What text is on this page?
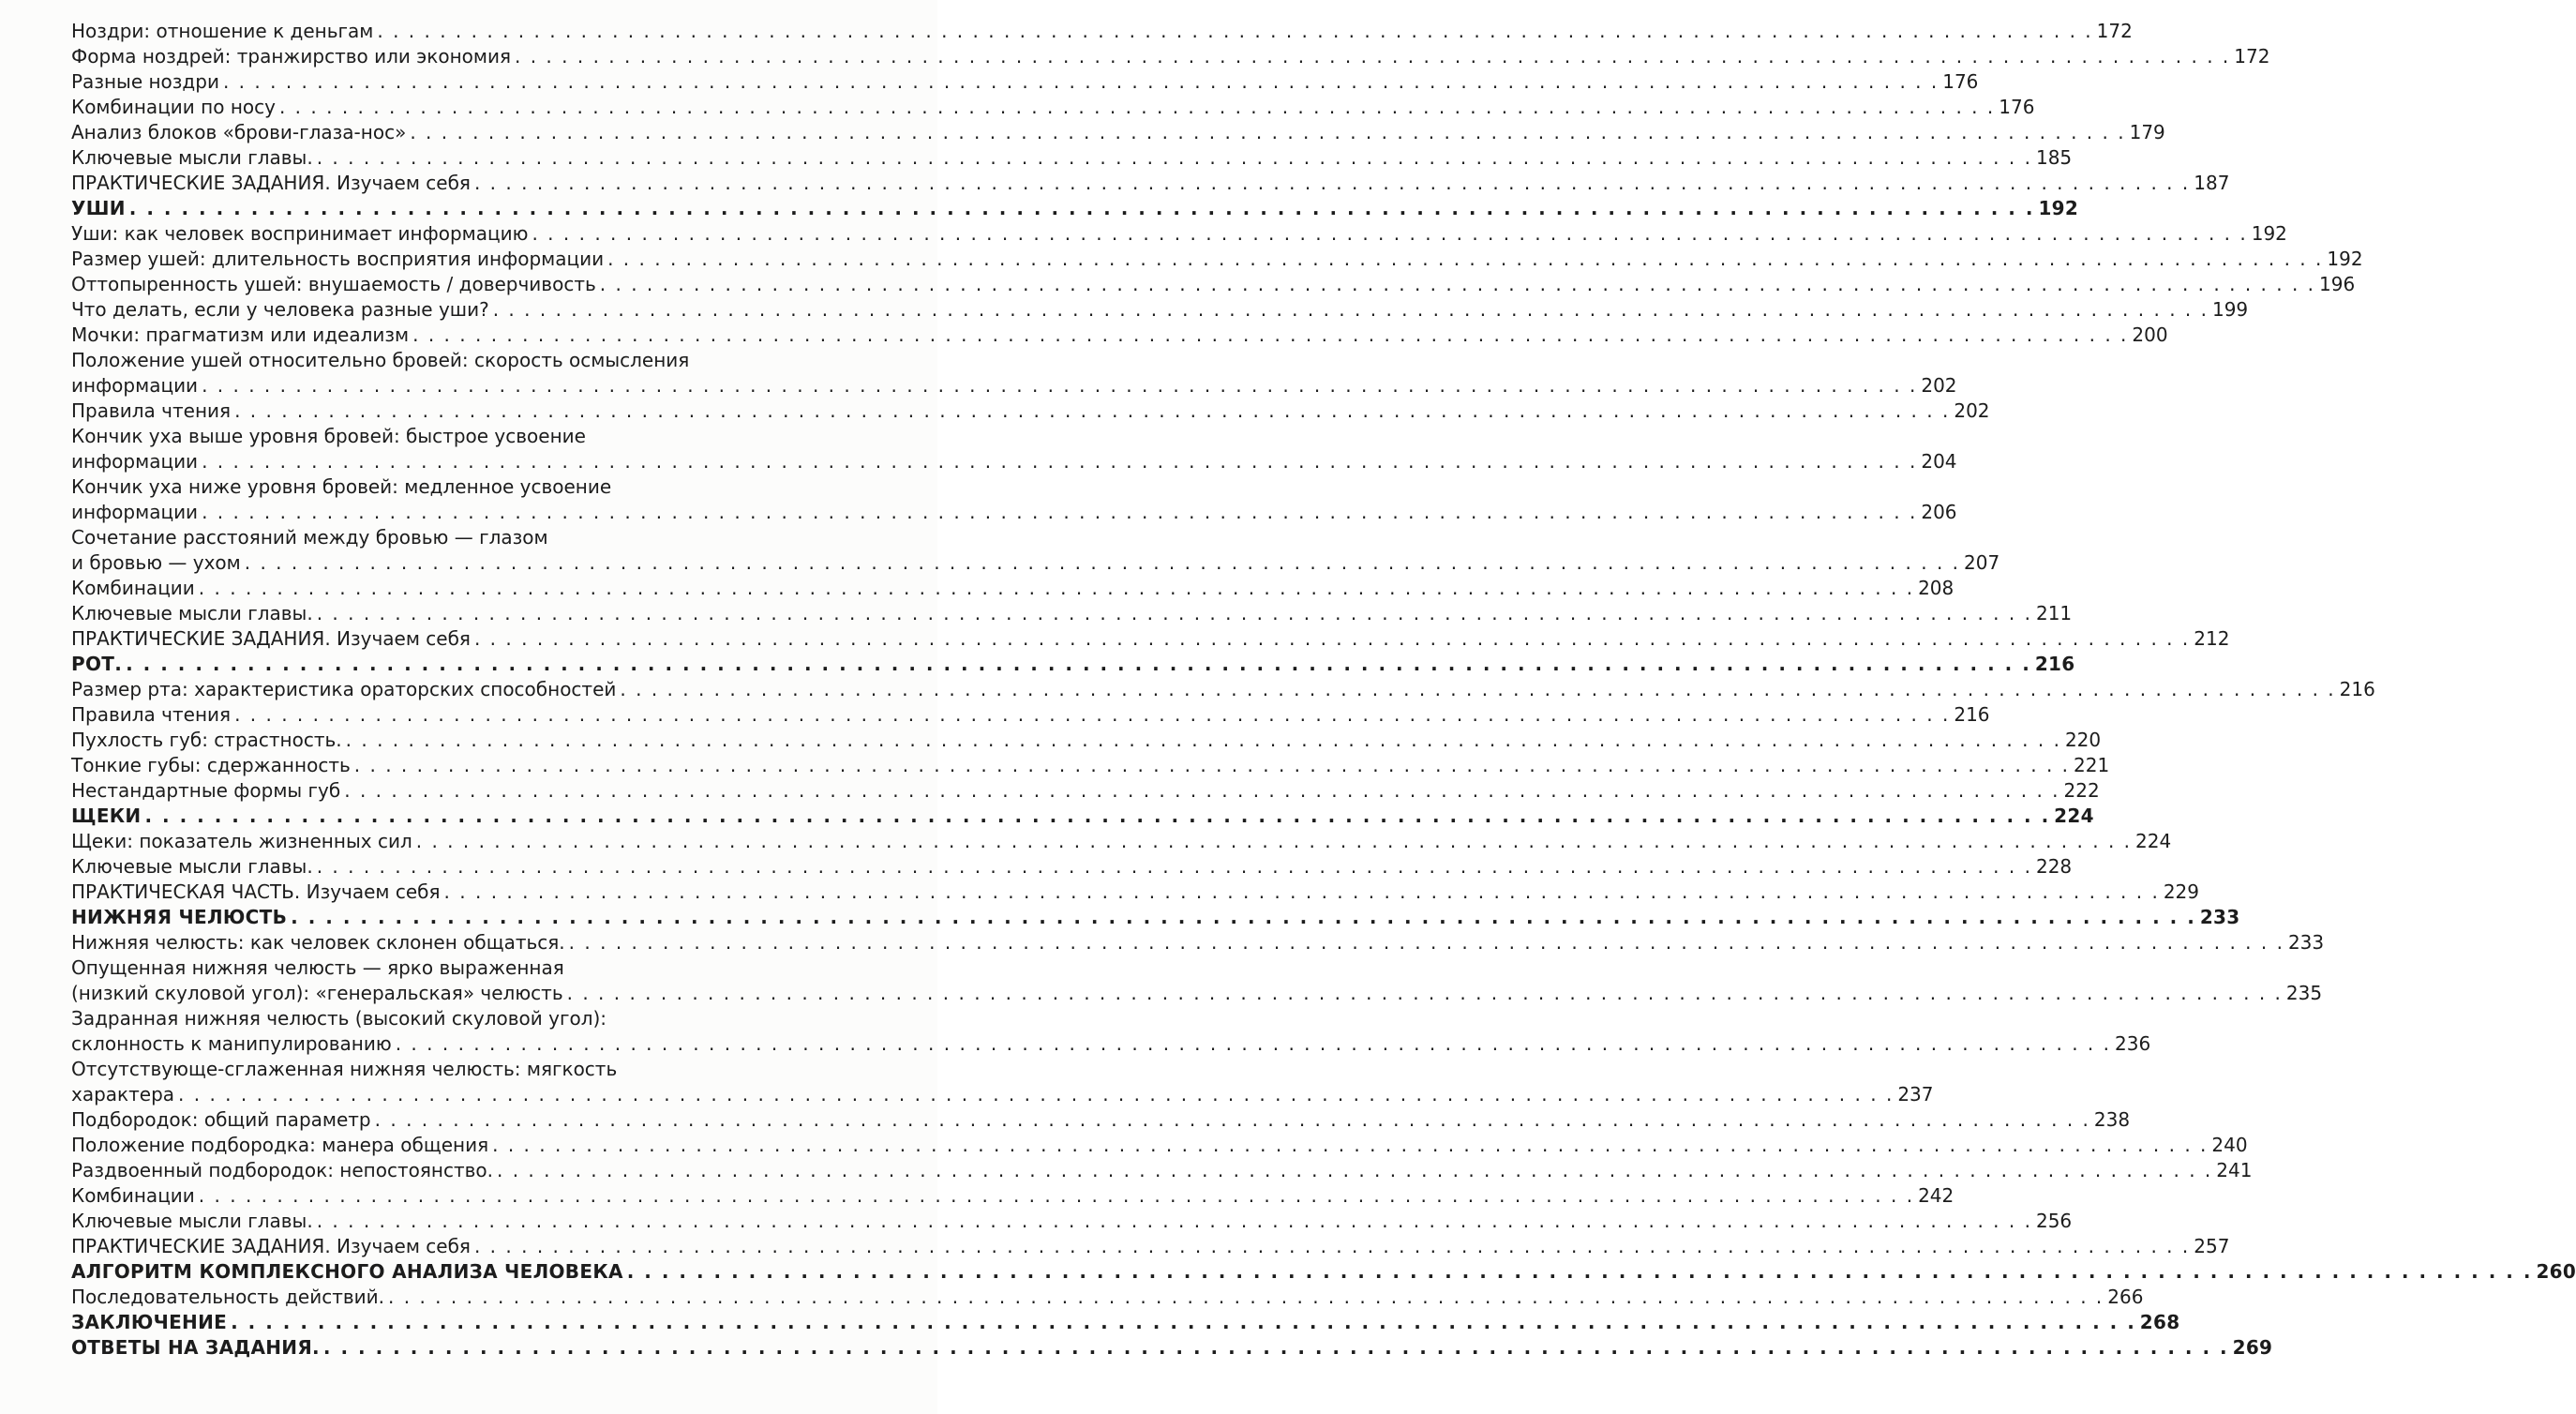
Ноздри: отношение к деньгам . . .	172
Форма ноздрей: транжирство или экономия . . .	172
Разные ноздри . . .	176
Комбинации по носу . . .	176
Анализ блоков «брови-глаза-нос» . . .	179
Ключевые мысли главы. . . .	185
ПРАКТИЧЕСКИЕ ЗАДАНИЯ. Изучаем себя . . .	187
УШИ . . .	192
Уши: как человек воспринимает информацию . . .	192
Размер ушей: длительность восприятия информации . . .	192
Оттопыренность ушей: внушаемость / доверчивость . . .	196
Что делать, если у человека разные уши? . . .	199
Мочки: прагматизм или идеализм . . .	200
Положение ушей относительно бровей: скорость осмысления
информации . . .	202
Правила чтения . . .	202
Кончик уха выше уровня бровей: быстрое усвоение
информации . . .	204
Кончик уха ниже уровня бровей: медленное усвоение
информации . . .	206
Сочетание расстояний между бровью — глазом
и бровью — ухом . . .	207
Комбинации . . .	208
Ключевые мысли главы. . . .	211
ПРАКТИЧЕСКИЕ ЗАДАНИЯ. Изучаем себя . . .	212
РОТ. . . .	216
Размер рта: характеристика ораторских способностей . . .	216
Правила чтения . . .	216
Пухлость губ: страстность. . . .	220
Тонкие губы: сдержанность . . .	221
Нестандартные формы губ . . .	222
ЩЕКИ . . .	224
Щеки: показатель жизненных сил . . .	224
Ключевые мысли главы. . . .	228
ПРАКТИЧЕСКАЯ ЧАСТЬ. Изучаем себя . . .	229
НИЖНЯЯ ЧЕЛЮСТЬ . . .	233
Нижняя челюсть: как человек склонен общаться. . . .	233
Опущенная нижняя челюсть — ярко выраженная
(низкий скуловой угол): «генеральская» челюсть . . .	235
Задранная нижняя челюсть (высокий скуловой угол):
склонность к манипулированию . . .	236
Отсутствующе-сглаженная нижняя челюсть: мягкость
характера . . .	237
Подбородок: общий параметр . . .	238
Положение подбородка: манера общения . . .	240
Раздвоенный подбородок: непостоянство. . . .	241
Комбинации . . .	242
Ключевые мысли главы. . . .	256
ПРАКТИЧЕСКИЕ ЗАДАНИЯ. Изучаем себя . . .	257
АЛГОРИТМ КОМПЛЕКСНОГО АНАЛИЗА ЧЕЛОВЕКА . . .	260
Последовательность действий. . . .	266
ЗАКЛЮЧЕНИЕ . . .	268
ОТВЕТЫ НА ЗАДАНИЯ. . . .	269
